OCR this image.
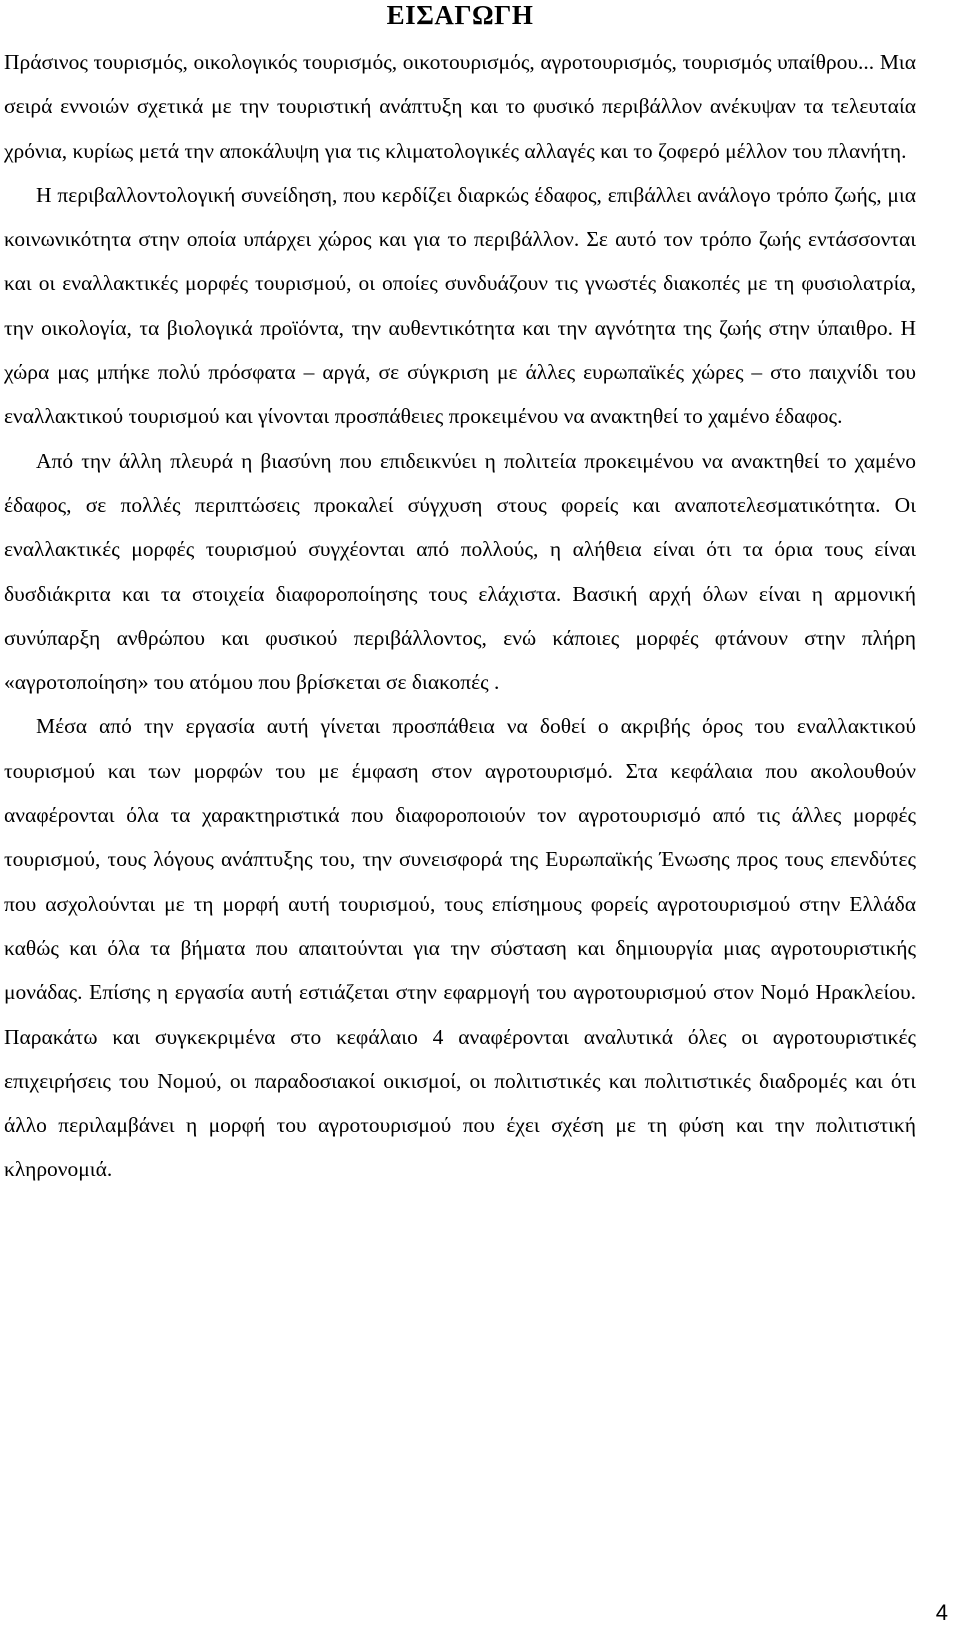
ΕΙΣΑΓΩΓΗ

Πράσινος τουρισμός, οικολογικός τουρισμός, οικοτουρισμός, αγροτουρισμός, τουρισμός υπαίθρου... Μια σειρά εννοιών σχετικά με την τουριστική ανάπτυξη και το φυσικό περιβάλλον ανέκυψαν τα τελευταία χρόνια, κυρίως μετά την αποκάλυψη για τις κλιματολογικές αλλαγές και το ζοφερό μέλλον του πλανήτη.

Η περιβαλλοντολογική συνείδηση, που κερδίζει διαρκώς έδαφος, επιβάλλει ανάλογο τρόπο ζωής, μια κοινωνικότητα στην οποία υπάρχει χώρος και για το περιβάλλον. Σε αυτό τον τρόπο ζωής εντάσσονται και οι εναλλακτικές μορφές τουρισμού, οι οποίες συνδυάζουν τις γνωστές διακοπές με τη φυσιολατρία, την οικολογία, τα βιολογικά προϊόντα, την αυθεντικότητα και την αγνότητα της ζωής στην ύπαιθρο. Η χώρα μας μπήκε πολύ πρόσφατα – αργά, σε σύγκριση με άλλες ευρωπαϊκές χώρες – στο παιχνίδι του εναλλακτικού τουρισμού και γίνονται προσπάθειες προκειμένου να ανακτηθεί το χαμένο έδαφος.

Από την άλλη πλευρά η βιασύνη που επιδεικνύει η πολιτεία προκειμένου να ανακτηθεί το χαμένο έδαφος, σε πολλές περιπτώσεις προκαλεί σύγχυση στους φορείς και αναποτελεσματικότητα. Οι εναλλακτικές μορφές τουρισμού συγχέονται από πολλούς, η αλήθεια είναι ότι τα όρια τους είναι δυσδιάκριτα και τα στοιχεία διαφοροποίησης τους ελάχιστα. Βασική αρχή όλων είναι η αρμονική συνύπαρξη ανθρώπου και φυσικού περιβάλλοντος, ενώ κάποιες μορφές φτάνουν στην πλήρη «αγροτοποίηση» του ατόμου που βρίσκεται σε διακοπές .

Μέσα από την εργασία αυτή γίνεται προσπάθεια να δοθεί ο ακριβής όρος του εναλλακτικού τουρισμού και των μορφών του με έμφαση στον αγροτουρισμό. Στα κεφάλαια που ακολουθούν αναφέρονται όλα τα χαρακτηριστικά που διαφοροποιούν τον αγροτουρισμό από τις άλλες μορφές τουρισμού, τους λόγους ανάπτυξης του, την συνεισφορά της Ευρωπαϊκής Ένωσης προς τους επενδύτες που ασχολούνται με τη μορφή αυτή τουρισμού, τους επίσημους φορείς αγροτουρισμού στην Ελλάδα καθώς και όλα τα βήματα που απαιτούνται για την σύσταση και δημιουργία μιας αγροτουριστικής μονάδας. Επίσης η εργασία αυτή εστιάζεται στην εφαρμογή του αγροτουρισμού στον Νομό Ηρακλείου. Παρακάτω και συγκεκριμένα στο κεφάλαιο 4 αναφέρονται αναλυτικά όλες οι αγροτουριστικές επιχειρήσεις του Νομού, οι παραδοσιακοί οικισμοί, οι πολιτιστικές και πολιτιστικές διαδρομές και ότι άλλο περιλαμβάνει η μορφή του αγροτουρισμού που έχει σχέση με τη φύση και την πολιτιστική κληρονομιά.

4
